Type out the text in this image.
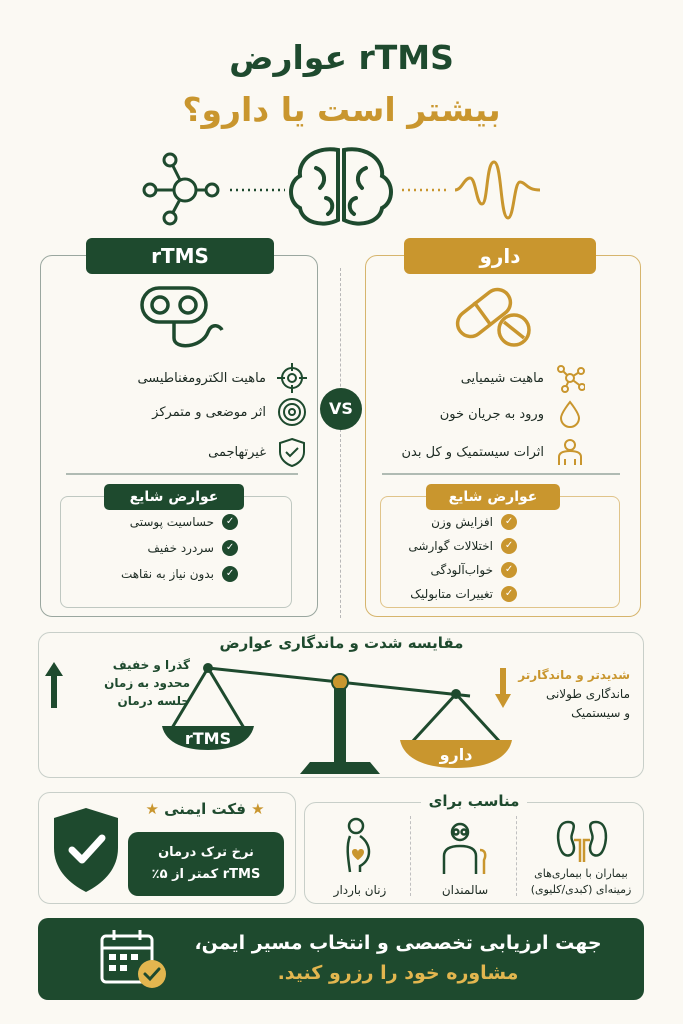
عوارض rTMS
بیشتر است یا دارو؟
rTMS
ماهیت الکترومغناطیسی
اثر موضعی و متمرکز
غیرتهاجمی
عوارض شایع
✓
حساسیت پوستی
✓
سردرد خفیف
✓
بدون نیاز به نقاهت
VS
دارو
ماهیت شیمیایی
ورود به جریان خون
اثرات سیستمیک و کل بدن
عوارض شایع
✓
افزایش وزن
✓
اختلالات گوارشی
✓
خواب‌آلودگی
✓
تغییرات متابولیک
مقایسه شدت و ماندگاری عوارض
گذرا و خفیف
محدود به زمان
جلسه درمان
rTMS
دارو
شدیدتر و ماندگارتر
ماندگاری طولانی
و سیستمیک
★ فکت ایمنی ★
نرخ ترک درمان
rTMS کمتر از ۵٪
مناسب برای
زنان باردار	سالمندان
بیماران با بیماری‌های
زمینه‌ای (کبدی/کلیوی)
جهت ارزیابی تخصصی و انتخاب مسیر ایمن،
مشاوره خود را رزرو کنید.
